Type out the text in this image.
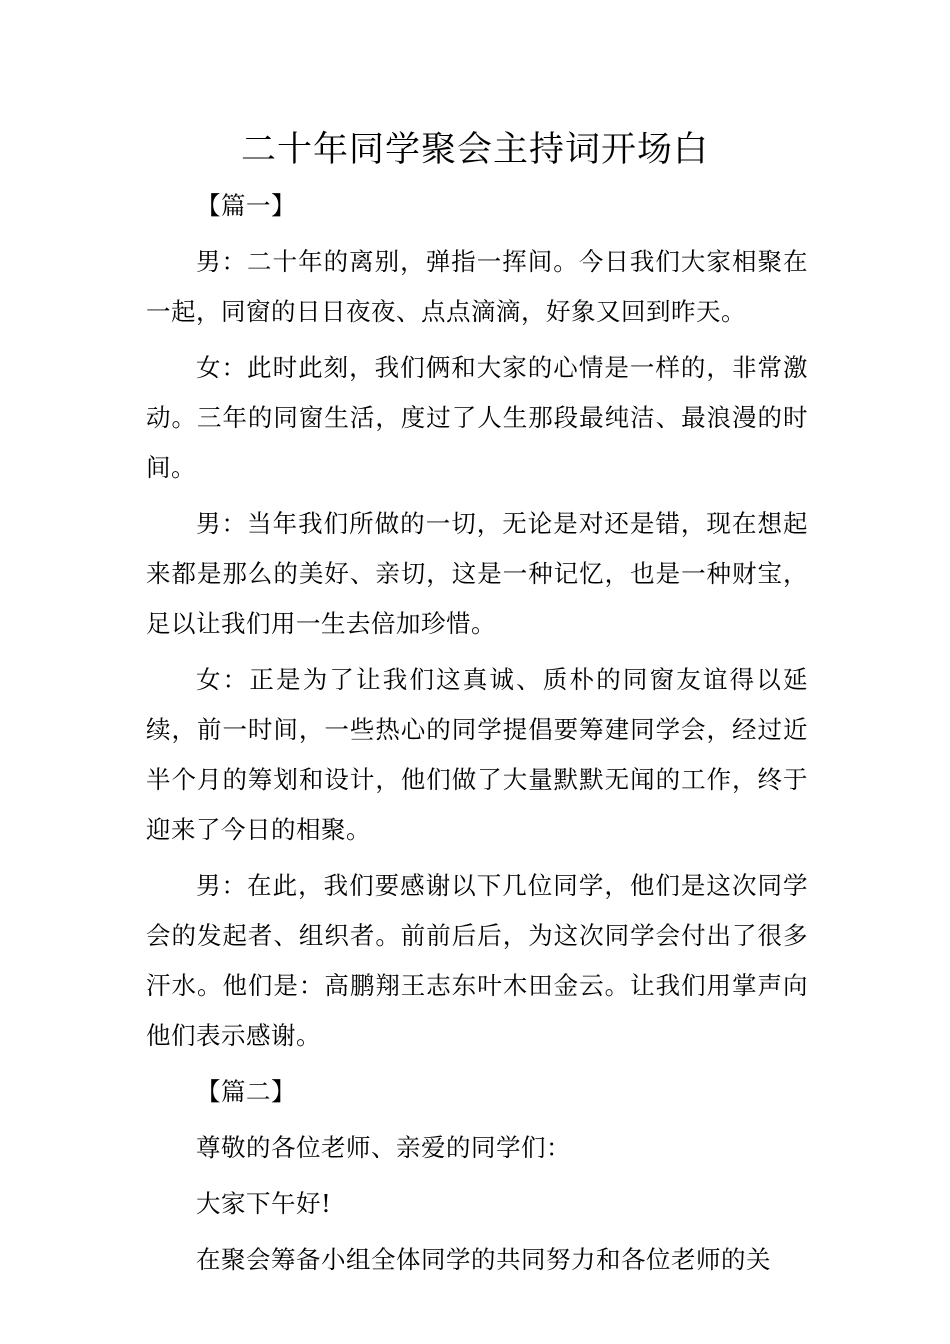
二十年同学聚会主持词开场白

【篇一】

男：二十年的离别，弹指一挥间。今日我们大家相聚在一起，同窗的日日夜夜、点点滴滴，好象又回到昨天。

女：此时此刻，我们俩和大家的心情是一样的，非常激动。三年的同窗生活，度过了人生那段最纯洁、最浪漫的时间。

男：当年我们所做的一切，无论是对还是错，现在想起来都是那么的美好、亲切，这是一种记忆，也是一种财宝，足以让我们用一生去倍加珍惜。

女：正是为了让我们这真诚、质朴的同窗友谊得以延续，前一时间，一些热心的同学提倡要筹建同学会，经过近半个月的筹划和设计，他们做了大量默默无闻的工作，终于迎来了今日的相聚。

男：在此，我们要感谢以下几位同学，他们是这次同学会的发起者、组织者。前前后后，为这次同学会付出了很多汗水。他们是：高鹏翔王志东叶木田金云。让我们用掌声向他们表示感谢。

【篇二】

尊敬的各位老师、亲爱的同学们：

大家下午好!

在聚会筹备小组全体同学的共同努力和各位老师的关
